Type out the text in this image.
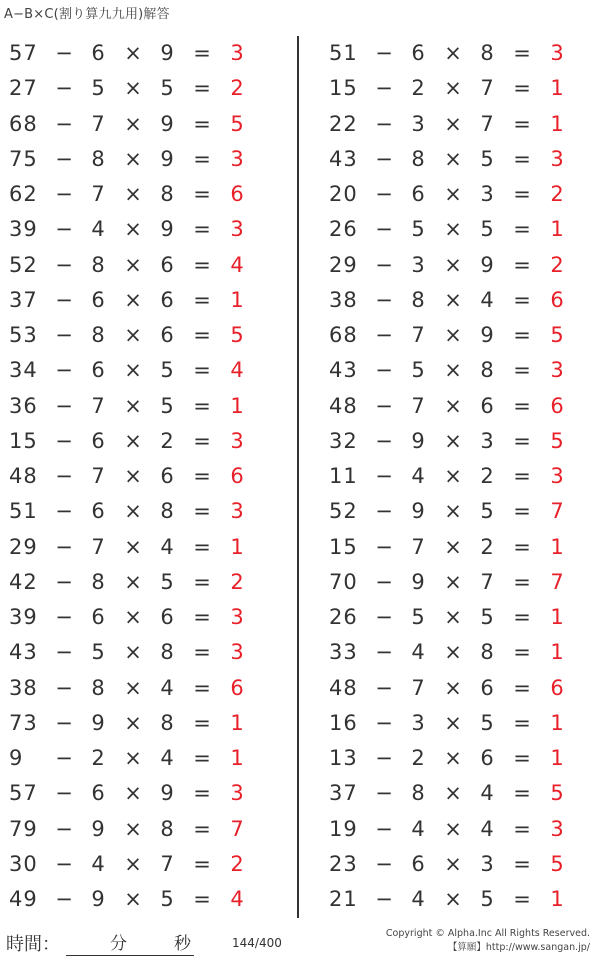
A−B×C(割り算九九用)解答
57 − 6 × 9 = 3
27 − 5 × 5 = 2
68 − 7 × 9 = 5
75 − 8 × 9 = 3
62 − 7 × 8 = 6
39 − 4 × 9 = 3
52 − 8 × 6 = 4
37 − 6 × 6 = 1
53 − 8 × 6 = 5
34 − 6 × 5 = 4
36 − 7 × 5 = 1
15 − 6 × 2 = 3
48 − 7 × 6 = 6
51 − 6 × 8 = 3
29 − 7 × 4 = 1
42 − 8 × 5 = 2
39 − 6 × 6 = 3
43 − 5 × 8 = 3
38 − 8 × 4 = 6
73 − 9 × 8 = 1
9	− 2 × 4 = 1
57 − 6 × 9 = 3
79 − 9 × 8 = 7
30 − 4 × 7 = 2
49 − 9 × 5 = 4
51 − 6 × 8 = 3
15 − 2 × 7 = 1
22 − 3 × 7 = 1
43 − 8 × 5 = 3
20 − 6 × 3 = 2
26 − 5 × 5 = 1
29 − 3 × 9 = 2
38 − 8 × 4 = 6
68 − 7 × 9 = 5
43 − 5 × 8 = 3
48 − 7 × 6 = 6
32 − 9 × 3 = 5
11 − 4 × 2 = 3
52 − 9 × 5 = 7
15 − 7 × 2 = 1
70 − 9 × 7 = 7
26 − 5 × 5 = 1
33 − 4 × 8 = 1
48 − 7 × 6 = 6
16 − 3 × 5 = 1
13 − 2 × 6 = 1
37 − 8 × 4 = 5
19 − 4 × 4 = 3
23 − 6 × 3 = 5
21 − 4 × 5 = 1
時間：	分	秒	144/400
Copyright © Alpha.Inc All Rights Reserved.
【算願】http://www.sangan.jp/
